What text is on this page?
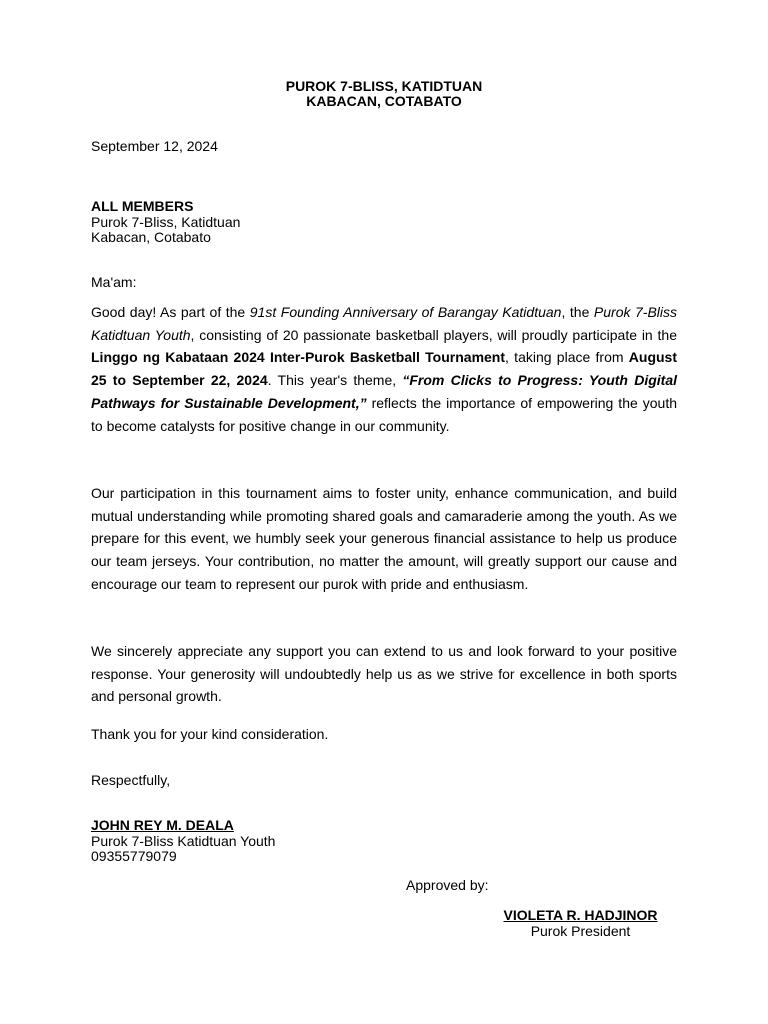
PUROK 7-BLISS, KATIDTUAN
KABACAN, COTABATO
September 12, 2024
ALL MEMBERS
Purok 7-Bliss, Katidtuan
Kabacan, Cotabato
Ma'am:

Good day! As part of the 91st Founding Anniversary of Barangay Katidtuan, the Purok 7-Bliss Katidtuan Youth, consisting of 20 passionate basketball players, will proudly participate in the Linggo ng Kabataan 2024 Inter-Purok Basketball Tournament, taking place from August 25 to September 22, 2024. This year's theme, “From Clicks to Progress: Youth Digital Pathways for Sustainable Development,” reflects the importance of empowering the youth to become catalysts for positive change in our community.

Our participation in this tournament aims to foster unity, enhance communication, and build mutual understanding while promoting shared goals and camaraderie among the youth. As we prepare for this event, we humbly seek your generous financial assistance to help us produce our team jerseys. Your contribution, no matter the amount, will greatly support our cause and encourage our team to represent our purok with pride and enthusiasm.

We sincerely appreciate any support you can extend to us and look forward to your positive response. Your generosity will undoubtedly help us as we strive for excellence in both sports and personal growth.

Thank you for your kind consideration.
Respectfully,
JOHN REY M. DEALA
Purok 7-Bliss Katidtuan Youth
09355779079
Approved by:
VIOLETA R. HADJINOR
Purok President
